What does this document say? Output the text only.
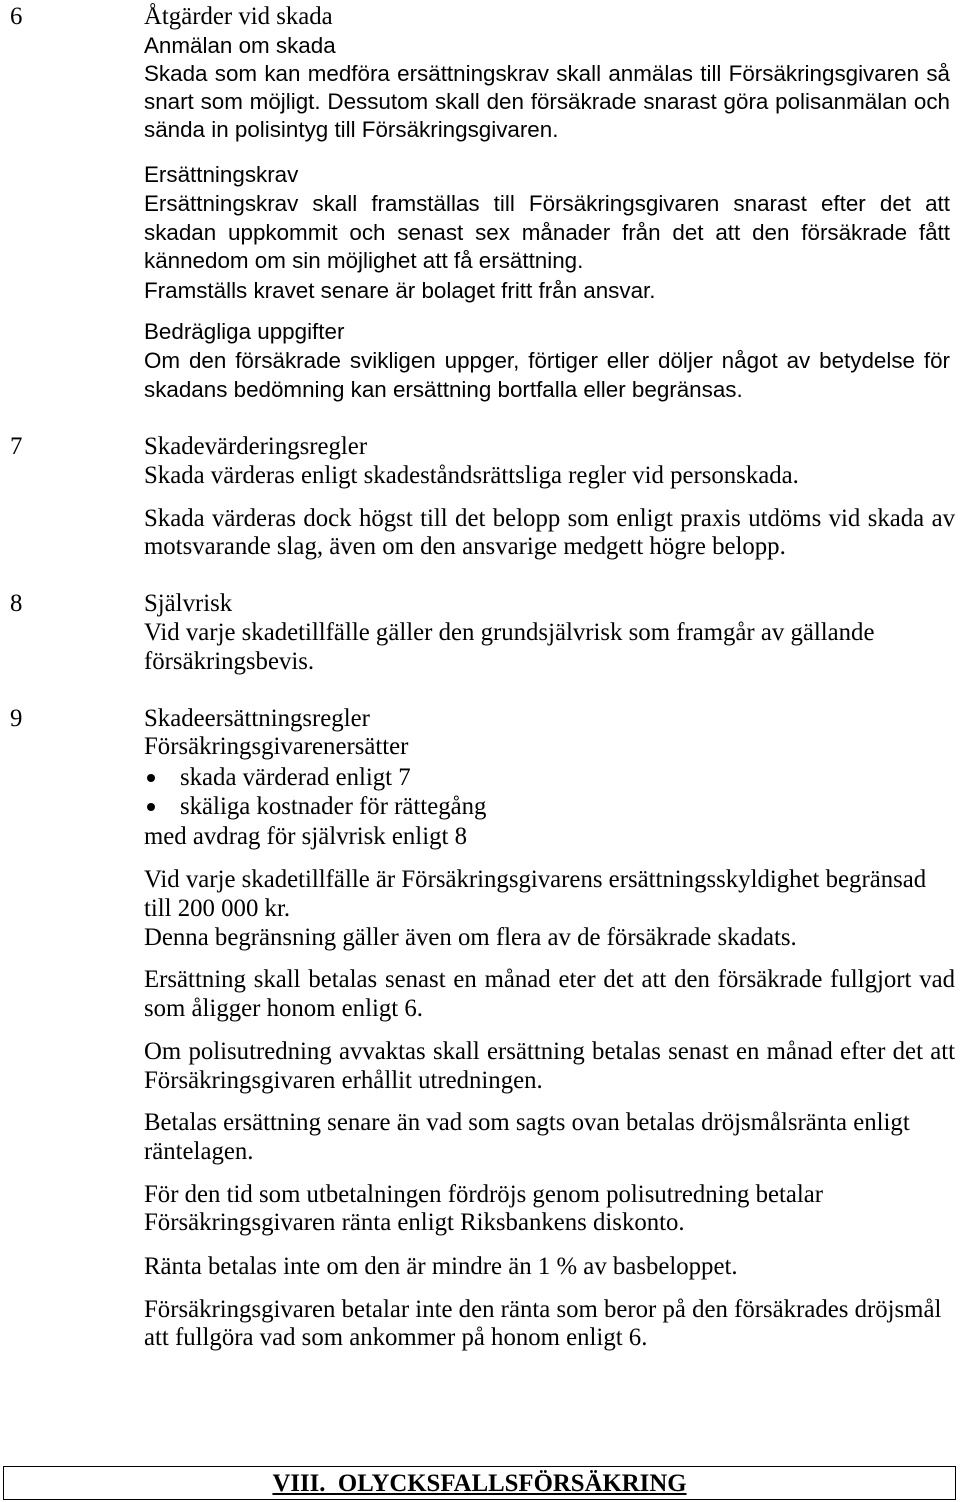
6	Åtgärder vid skada
Anmälan om skada
Skada som kan medföra ersättningskrav skall anmälas till Försäkringsgivaren så
snart som möjligt. Dessutom skall den försäkrade snarast göra polisanmälan och
sända in polisintyg till Försäkringsgivaren.
Ersättningskrav
Ersättningskrav skall framställas till Försäkringsgivaren snarast efter det att
skadan uppkommit och senast sex månader från det att den försäkrade fått
kännedom om sin möjlighet att få ersättning.
Framställs kravet senare är bolaget fritt från ansvar.
Bedrägliga uppgifter
Om den försäkrade svikligen uppger, förtiger eller döljer något av betydelse för
skadans bedömning kan ersättning bortfalla eller begränsas.
7	Skadevärderingsregler
Skada värderas enligt skadeståndsrättsliga regler vid personskada.
Skada värderas dock högst till det belopp som enligt praxis utdöms vid skada av
motsvarande slag, även om den ansvarige medgett högre belopp.
8	Självrisk
Vid varje skadetillfälle gäller den grundsjälvrisk som framgår av gällande
försäkringsbevis.
9	Skadeersättningsregler
Försäkringsgivarenersätter
skada värderad enligt 7
skäliga kostnader för rättegång
med avdrag för självrisk enligt 8
Vid varje skadetillfälle är Försäkringsgivarens ersättningsskyldighet begränsad
till 200 000 kr.
Denna begränsning gäller även om flera av de försäkrade skadats.
Ersättning skall betalas senast en månad eter det att den försäkrade fullgjort vad
som åligger honom enligt 6.
Om polisutredning avvaktas skall ersättning betalas senast en månad efter det att
Försäkringsgivaren erhållit utredningen.
Betalas ersättning senare än vad som sagts ovan betalas dröjsmålsränta enligt
räntelagen.
För den tid som utbetalningen fördröjs genom polisutredning betalar
Försäkringsgivaren ränta enligt Riksbankens diskonto.
Ränta betalas inte om den är mindre än 1 % av basbeloppet.
Försäkringsgivaren betalar inte den ränta som beror på den försäkrades dröjsmål
att fullgöra vad som ankommer på honom enligt 6.
VIII.  OLYCKSFALLSFÖRSÄKRING
